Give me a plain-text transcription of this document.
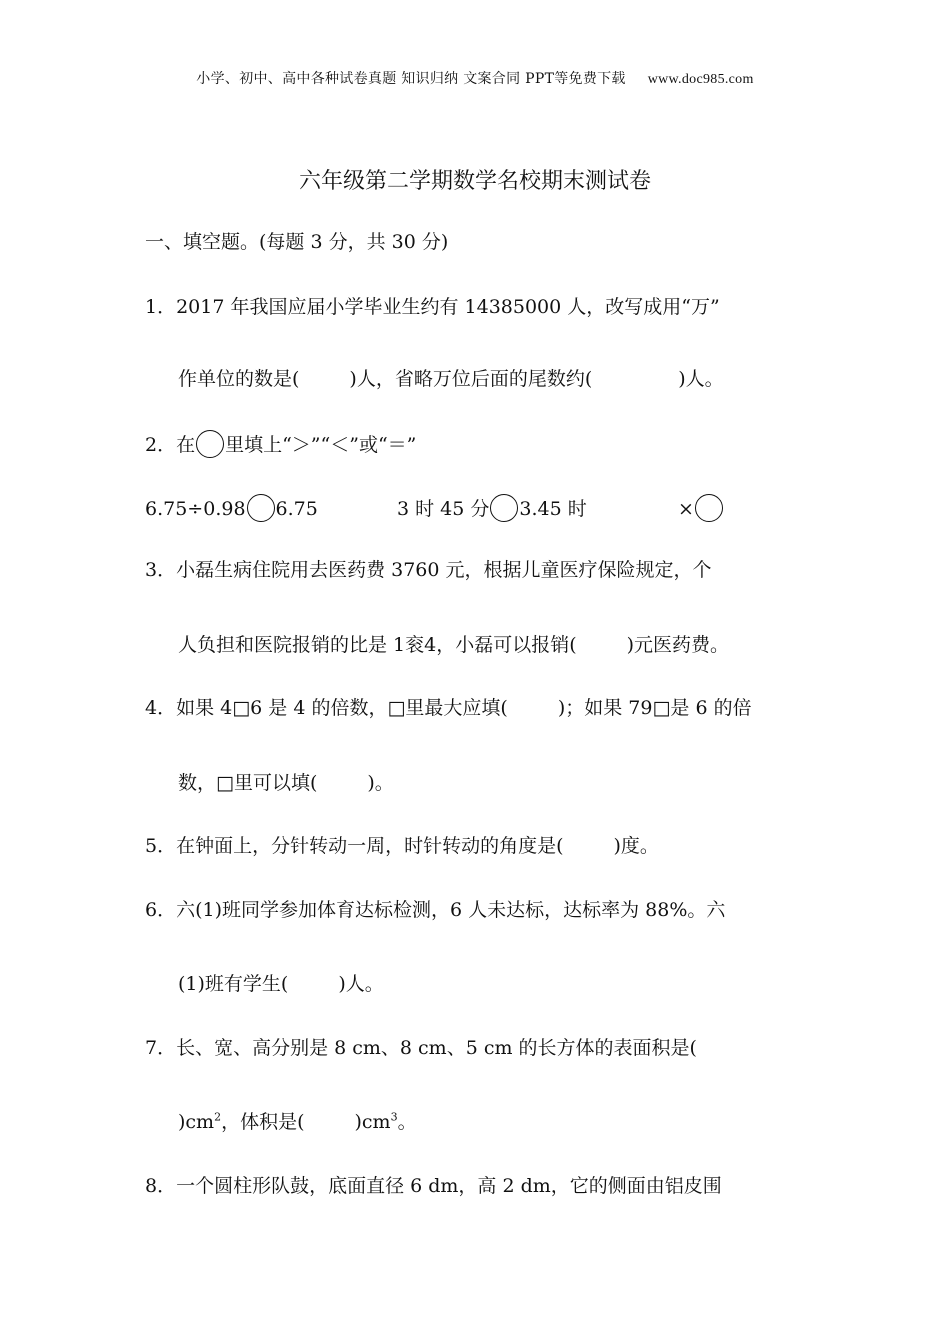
小学、初中、高中各种试卷真题 知识归纳 文案合同 PPT等免费下载 www.doc985.com
六年级第二学期数学名校期末测试卷
一、填空题。(每题 3 分，共 30 分)
1．2017 年我国应届小学毕业生约有 14385000 人，改写成用“万”
作单位的数是(	)人，省略万位后面的尾数约(	)人。
2．在 里填上“＞”“＜”或“＝”
6.75÷0.98 6.75	3 时 45 分 3.45 时	×
3．小磊生病住院用去医药费 3760 元，根据儿童医疗保险规定，个
人负担和医院报销的比是 1衮4，小磊可以报销(	)元医药费。
4．如果 4□6 是 4 的倍数，□里最大应填(	)；如果 79□是 6 的倍
数，□里可以填(	)。
5．在钟面上，分针转动一周，时针转动的角度是(	)度。
6．六(1)班同学参加体育达标检测，6 人未达标，达标率为 88%。六
(1)班有学生(	)人。
7．长、宽、高分别是 8 cm、8 cm、5 cm 的长方体的表面积是(
)$cm^2$，体积是(	)$cm^3$。
8．一个圆柱形队鼓，底面直径 6 dm，高 2 dm，它的侧面由铝皮围
